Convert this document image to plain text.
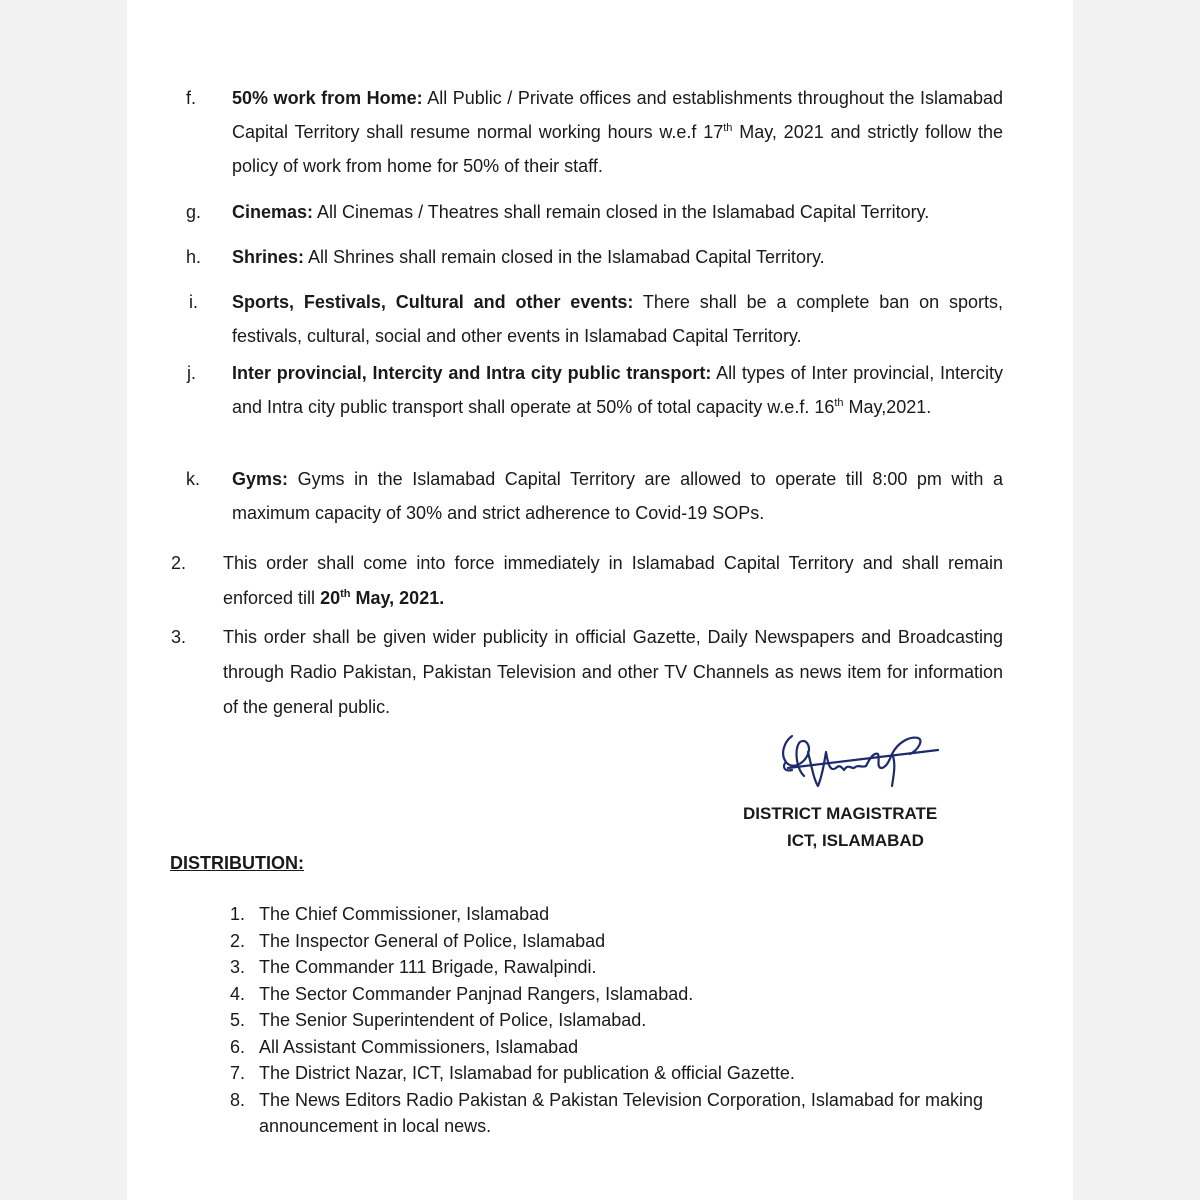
f. 50% work from Home: All Public / Private offices and establishments throughout the Islamabad Capital Territory shall resume normal working hours w.e.f 17th May, 2021 and strictly follow the policy of work from home for 50% of their staff.
g. Cinemas: All Cinemas / Theatres shall remain closed in the Islamabad Capital Territory.
h. Shrines: All Shrines shall remain closed in the Islamabad Capital Territory.
i. Sports, Festivals, Cultural and other events: There shall be a complete ban on sports, festivals, cultural, social and other events in Islamabad Capital Territory.
j. Inter provincial, Intercity and Intra city public transport: All types of Inter provincial, Intercity and Intra city public transport shall operate at 50% of total capacity w.e.f. 16th May,2021.
k. Gyms: Gyms in the Islamabad Capital Territory are allowed to operate till 8:00 pm with a maximum capacity of 30% and strict adherence to Covid-19 SOPs.
2. This order shall come into force immediately in Islamabad Capital Territory and shall remain enforced till 20th May, 2021.
3. This order shall be given wider publicity in official Gazette, Daily Newspapers and Broadcasting through Radio Pakistan, Pakistan Television and other TV Channels as news item for information of the general public.
DISTRICT MAGISTRATE
ICT, ISLAMABAD
DISTRIBUTION:
1. The Chief Commissioner, Islamabad
2. The Inspector General of Police, Islamabad
3. The Commander 111 Brigade, Rawalpindi.
4. The Sector Commander Panjnad Rangers, Islamabad.
5. The Senior Superintendent of Police, Islamabad.
6. All Assistant Commissioners, Islamabad
7. The District Nazar, ICT, Islamabad for publication & official Gazette.
8. The News Editors Radio Pakistan & Pakistan Television Corporation, Islamabad for making announcement in local news.
